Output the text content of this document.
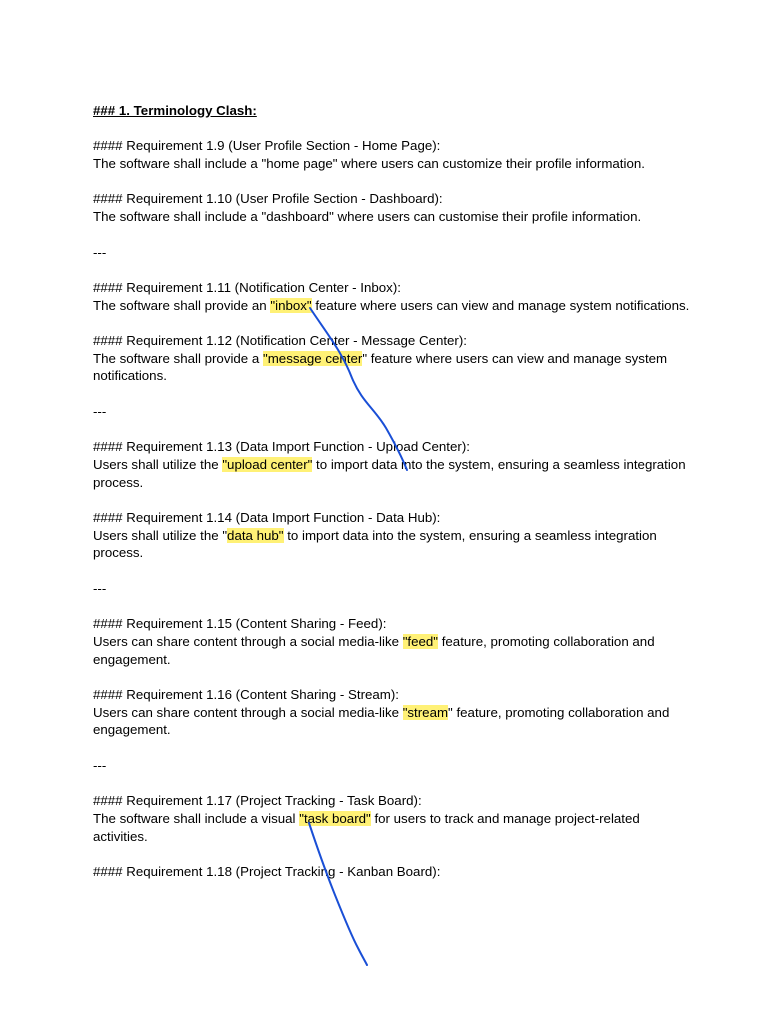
### 1. Terminology Clash:
#### Requirement 1.9 (User Profile Section - Home Page):
The software shall include a "home page" where users can customize their profile information.
#### Requirement 1.10 (User Profile Section - Dashboard):
The software shall include a "dashboard" where users can customise their profile information.
---
#### Requirement 1.11 (Notification Center - Inbox):
The software shall provide an "inbox" feature where users can view and manage system notifications.
#### Requirement 1.12 (Notification Center - Message Center):
The software shall provide a "message center" feature where users can view and manage system notifications.
---
#### Requirement 1.13 (Data Import Function - Upload Center):
Users shall utilize the "upload center" to import data into the system, ensuring a seamless integration process.
#### Requirement 1.14 (Data Import Function - Data Hub):
Users shall utilize the "data hub" to import data into the system, ensuring a seamless integration process.
---
#### Requirement 1.15 (Content Sharing - Feed):
Users can share content through a social media-like "feed" feature, promoting collaboration and engagement.
#### Requirement 1.16 (Content Sharing - Stream):
Users can share content through a social media-like "stream" feature, promoting collaboration and engagement.
---
#### Requirement 1.17 (Project Tracking - Task Board):
The software shall include a visual "task board" for users to track and manage project-related activities.
#### Requirement 1.18 (Project Tracking - Kanban Board):
